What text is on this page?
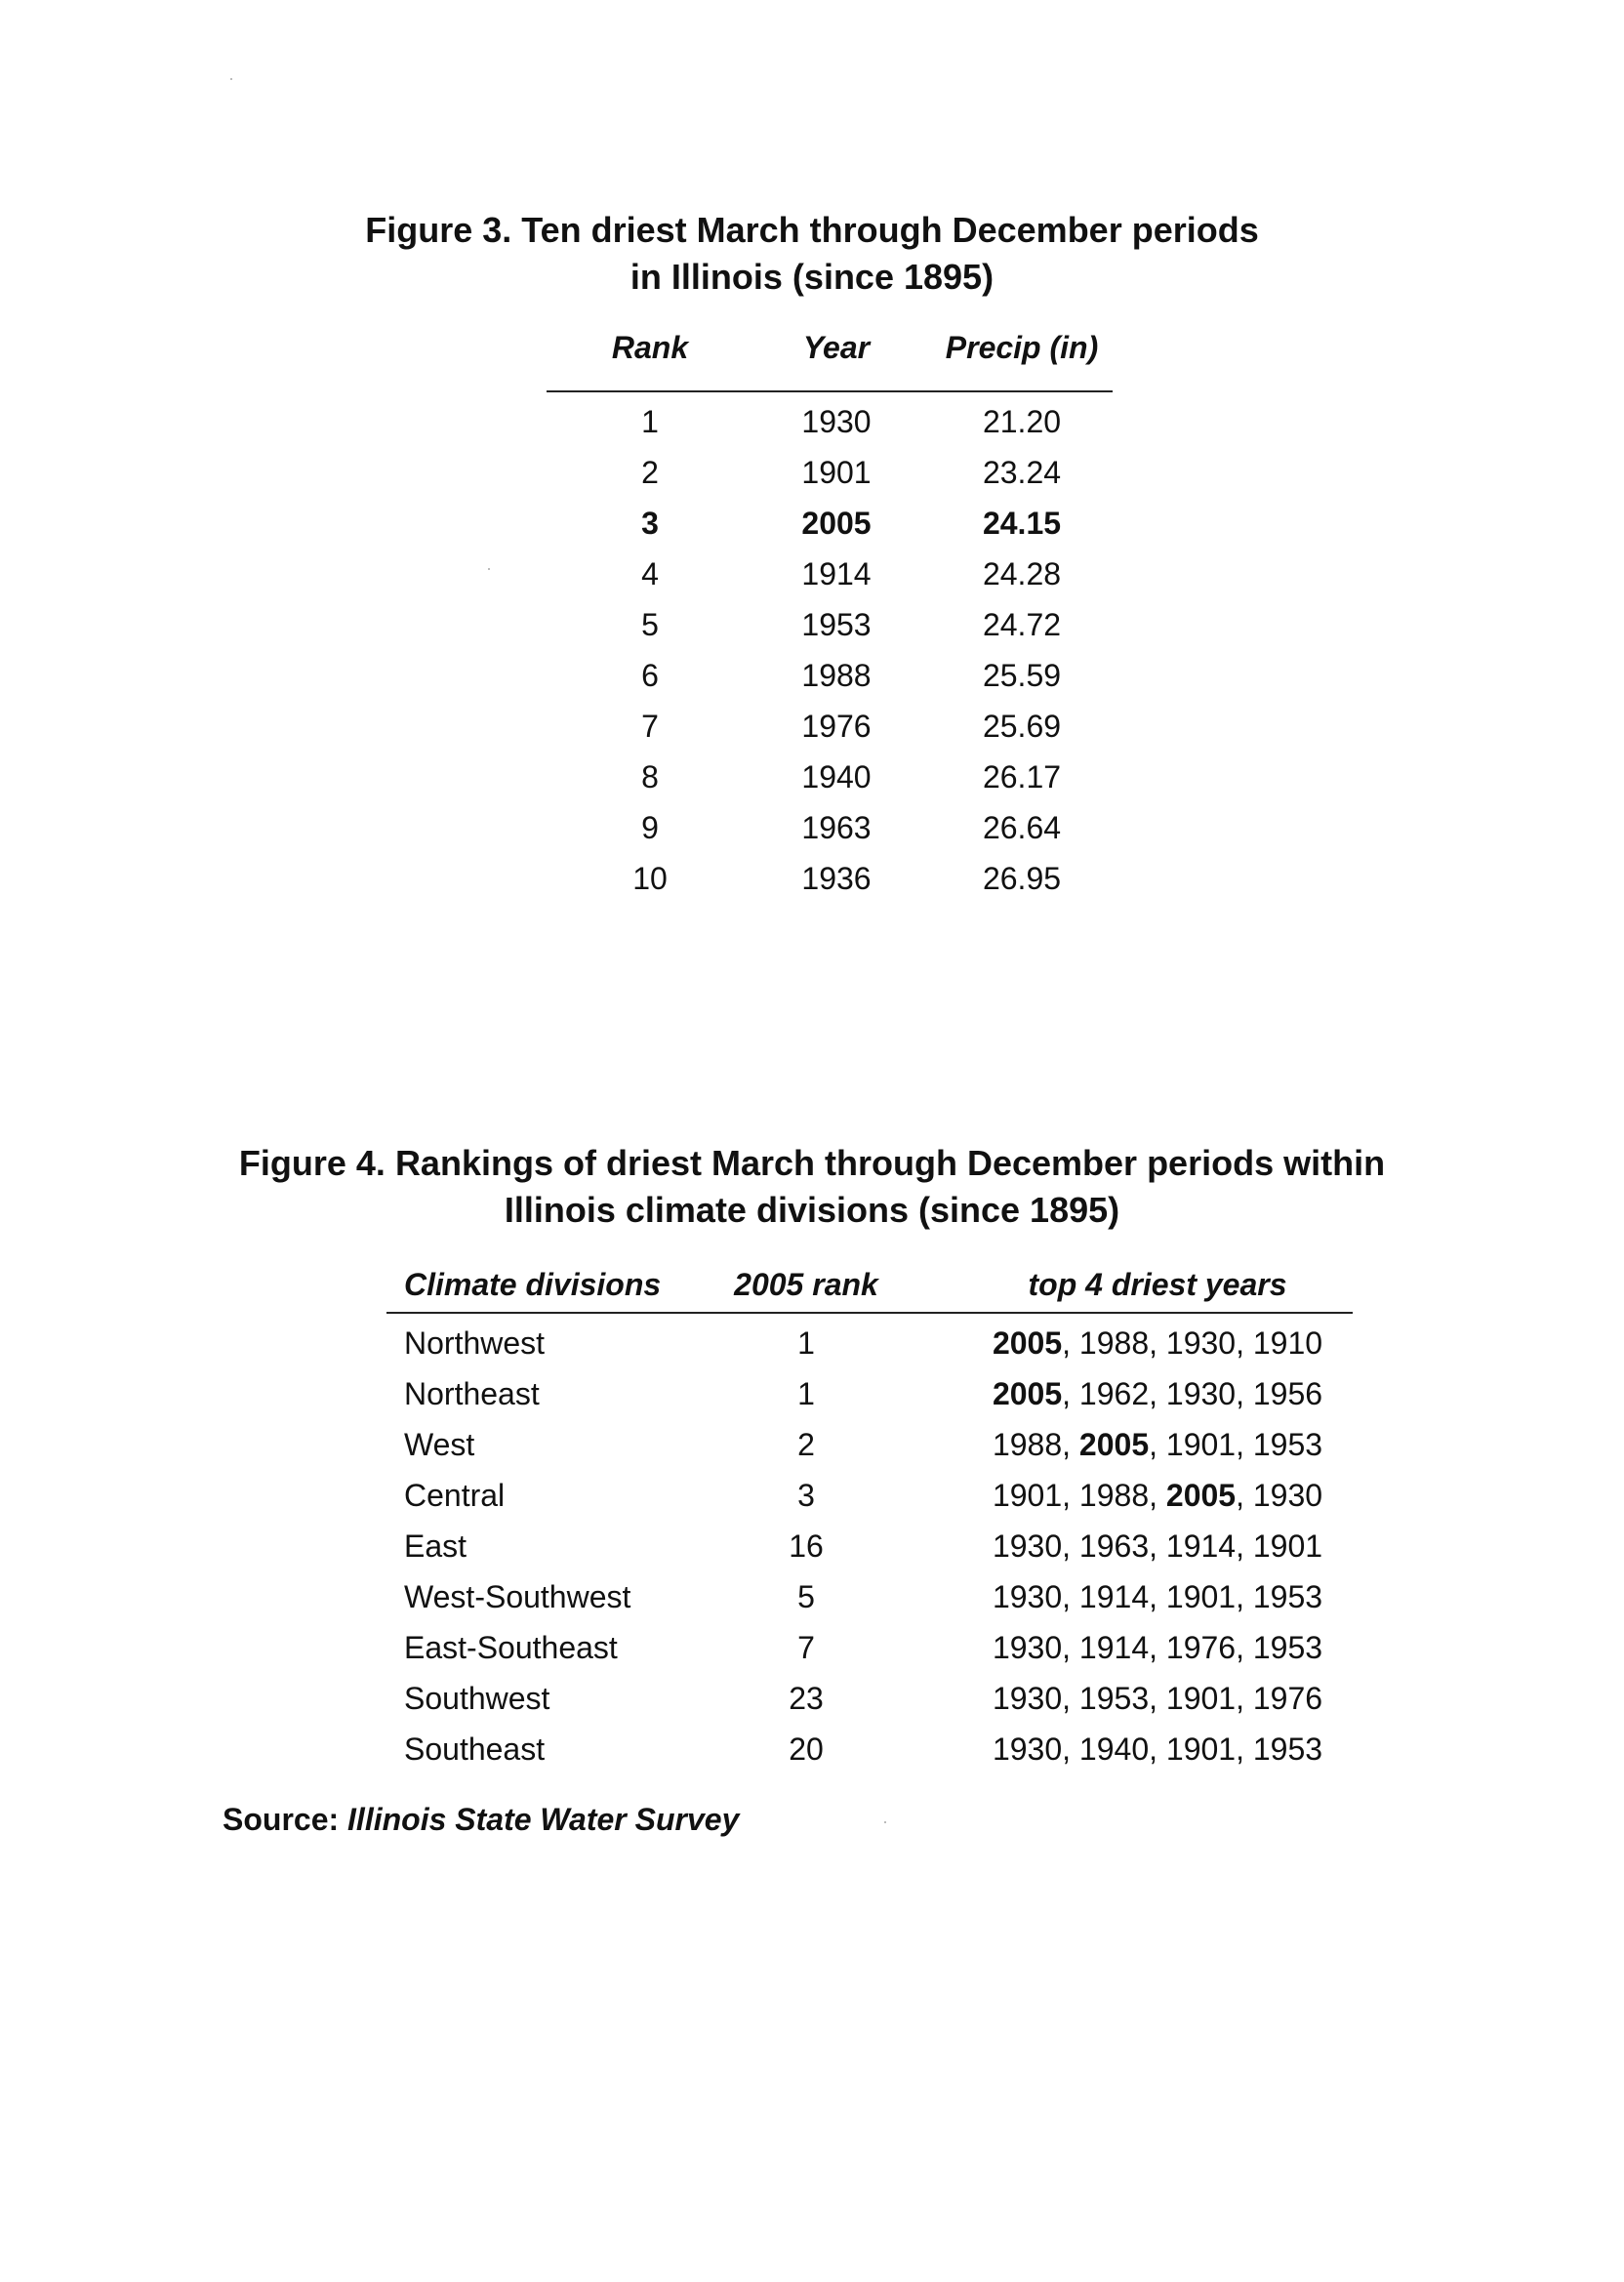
Figure 3. Ten driest March through December periods
in Illinois (since 1895)
Rank	Year	Precip (in)
1	1930	21.20
2	1901	23.24
3	2005	24.15
4	1914	24.28
5	1953	24.72
6	1988	25.59
7	1976	25.69
8	1940	26.17
9	1963	26.64
10	1936	26.95
Figure 4. Rankings of driest March through December periods within
Illinois climate divisions (since 1895)
Climate divisions	2005 rank	top 4 driest years
Northwest	1	2005, 1988, 1930, 1910
Northeast	1	2005, 1962, 1930, 1956
West	2	1988, 2005, 1901, 1953
Central	3	1901, 1988, 2005, 1930
East	16	1930, 1963, 1914, 1901
West-Southwest	5	1930, 1914, 1901, 1953
East-Southeast	7	1930, 1914, 1976, 1953
Southwest	23	1930, 1953, 1901, 1976
Southeast	20	1930, 1940, 1901, 1953
Source: Illinois State Water Survey
